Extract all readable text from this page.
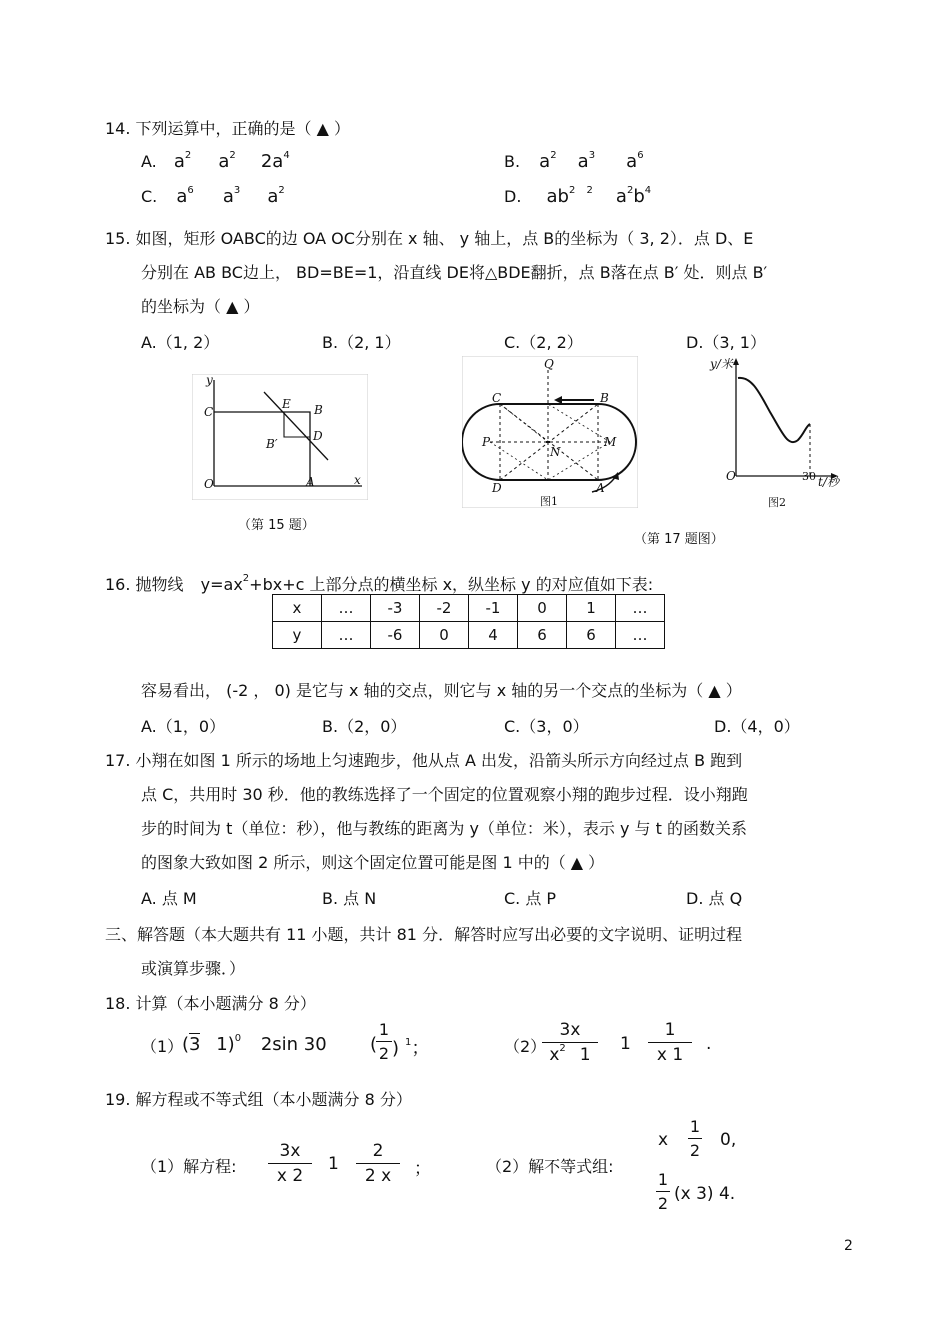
14. 下列运算中，正确的是（ ▲ ）
A. $a^2$ $a^2$ $2a^4$	B. $a^2$ $a^3$ $a^6$
C. $a^6$ $a^3$ $a^2$	D. $ab^2$ $^2$ $a^2b^4$
15. 如图，矩形 OABC的边 OA OC分别在 x 轴、 y 轴上，点 B的坐标为（ 3, 2）．点 D、E
分别在 AB BC边上， BD=BE=1，沿直线 DE将△BDE翻折，点 B落在点 B′ 处．则点 B′
的坐标为（ ▲ ）
A.（1, 2）	B.（2, 1）	C.（2, 2）	D.（3, 1）
y
C
E B
B′
D
O	A	x
（第 15 题）
Q
C	B
P
N
M
D	A
图1
y/米
O	30 t/秒
图2
（第 17 题图）
16. 抛物线 $y=ax^2+bx+c$ 上部分点的横坐标 x，纵坐标 y 的对应值如下表:
x	…	-3	-2	-1	0	1	…
y	…	-6	0	4	6	6	…
容易看出， (-2 ， 0) 是它与 x 轴的交点，则它与 x 轴的另一个交点的坐标为（ ▲ ）
A.（1，0）	B.（2，0）	C.（3，0）	D.（4，0）
17. 小翔在如图 1 所示的场地上匀速跑步，他从点 A 出发，沿箭头所示方向经过点 B 跑到
点 C，共用时 30 秒．他的教练选择了一个固定的位置观察小翔的跑步过程．设小翔跑
步的时间为 t（单位：秒），他与教练的距离为 y（单位：米），表示 y 与 t 的函数关系
的图象大致如图 2 所示，则这个固定位置可能是图 1 中的（ ▲ ）
A. 点 M	B. 点 N	C. 点 P	D. 点 Q
三、解答题（本大题共有 11 小题，共计 81 分．解答时应写出必要的文字说明、证明过程
或演算步骤．）
18. 计算（本小题满分 8 分）
（1）
(3 1)$^0$ 2sin 30 (
1
2 ) $^1$；	（2）
3x
$x^2$ 1
1
1
x 1
.
19. 解方程或不等式组（本小题满分 8 分）
（1）解方程:
3x
x 2
1
2
2 x	；	（2）解不等式组:
x
1
2
0,
1
2 (x 3) 4.
2
